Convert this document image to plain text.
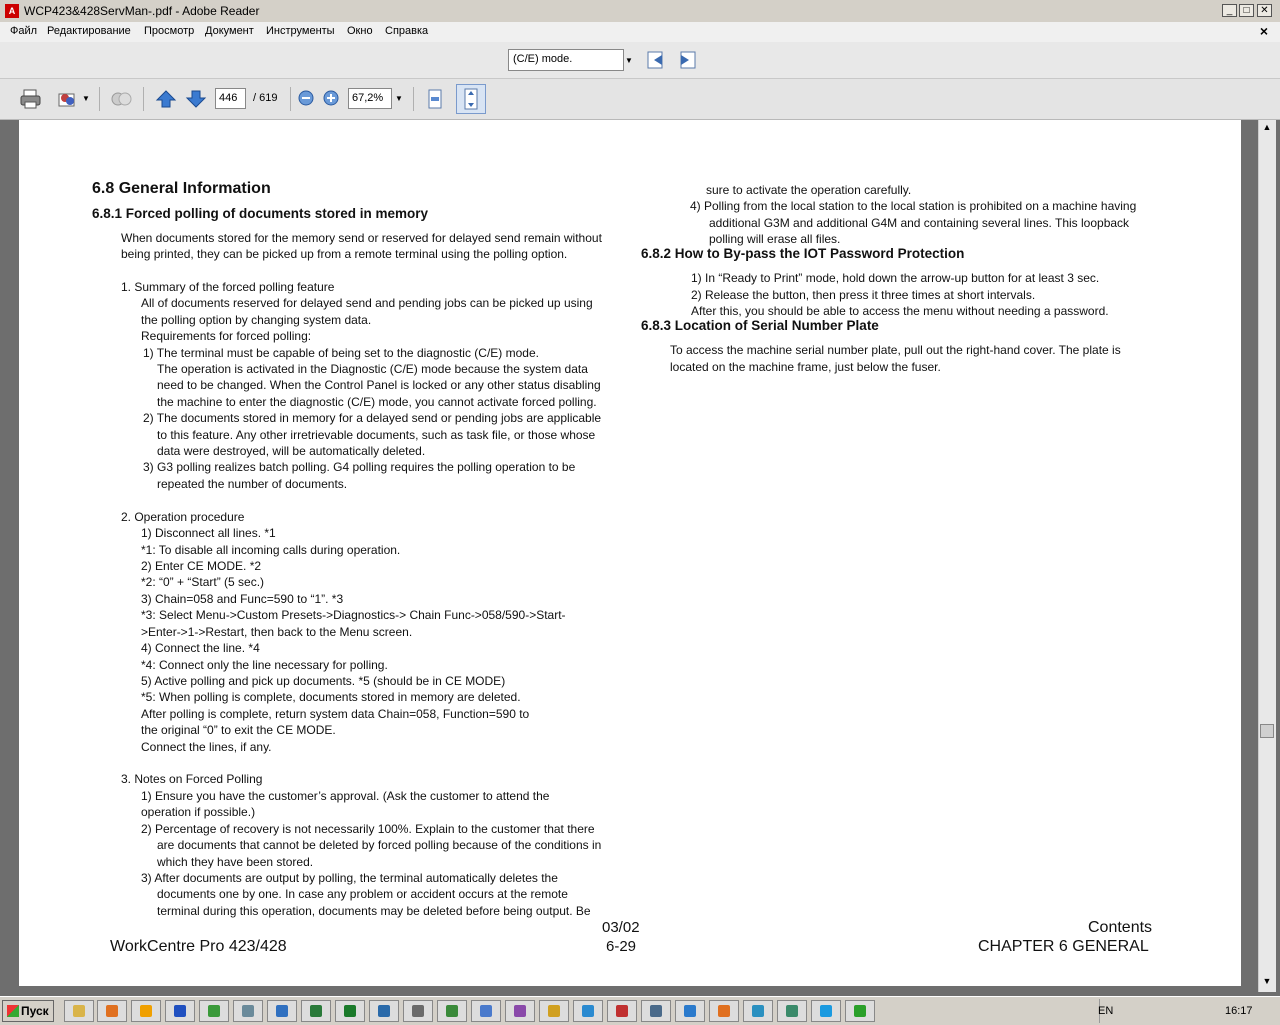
A WCP423&428ServMan-.pdf - Adobe Reader	_	□	✕
Файл Редактирование Просмотр Документ Инструменты Окно Справка	×
(C/E) mode.	▼
▼	446	/ 619	67,2%	▼
6.8 General Information
6.8.1 Forced polling of documents stored in memory
When documents stored for the memory send or reserved for delayed send remain without
being printed, they can be picked up from a remote terminal using the polling option.
1. Summary of the forced polling feature
All of documents reserved for delayed send and pending jobs can be picked up using
the polling option by changing system data.
Requirements for forced polling:
1) The terminal must be capable of being set to the diagnostic (C/E) mode.
The operation is activated in the Diagnostic (C/E) mode because the system data
need to be changed. When the Control Panel is locked or any other status disabling
the machine to enter the diagnostic (C/E) mode, you cannot activate forced polling.
2) The documents stored in memory for a delayed send or pending jobs are applicable
to this feature. Any other irretrievable documents, such as task file, or those whose
data were destroyed, will be automatically deleted.
3) G3 polling realizes batch polling. G4 polling requires the polling operation to be
repeated the number of documents.
2. Operation procedure
1) Disconnect all lines. *1
*1: To disable all incoming calls during operation.
2) Enter CE MODE. *2
*2: “0” + “Start” (5 sec.)
3) Chain=058 and Func=590 to “1”. *3
*3: Select Menu->Custom Presets->Diagnostics-> Chain Func->058/590->Start-
>Enter->1->Restart, then back to the Menu screen.
4) Connect the line. *4
*4: Connect only the line necessary for polling.
5) Active polling and pick up documents. *5 (should be in CE MODE)
*5: When polling is complete, documents stored in memory are deleted.
After polling is complete, return system data Chain=058, Function=590 to
the original “0” to exit the CE MODE.
Connect the lines, if any.
3. Notes on Forced Polling
1) Ensure you have the customer’s approval. (Ask the customer to attend the
operation if possible.)
2) Percentage of recovery is not necessarily 100%. Explain to the customer that there
are documents that cannot be deleted by forced polling because of the conditions in
which they have been stored.
3) After documents are output by polling, the terminal automatically deletes the
documents one by one. In case any problem or accident occurs at the remote
terminal during this operation, documents may be deleted before being output. Be
sure to activate the operation carefully.
4) Polling from the local station to the local station is prohibited on a machine having
additional G3M and additional G4M and containing several lines. This loopback
polling will erase all files.
6.8.2 How to By-pass the IOT Password Protection
1) In “Ready to Print” mode, hold down the arrow-up button for at least 3 sec.
2) Release the button, then press it three times at short intervals.
After this, you should be able to access the menu without needing a password.
6.8.3 Location of Serial Number Plate
To access the machine serial number plate, pull out the right-hand cover. The plate is
located on the machine frame, just below the fuser.
WorkCentre Pro 423/428
03/02
6-29
Contents
CHAPTER 6 GENERAL
▲
▼
Пуск	EN	16:17
